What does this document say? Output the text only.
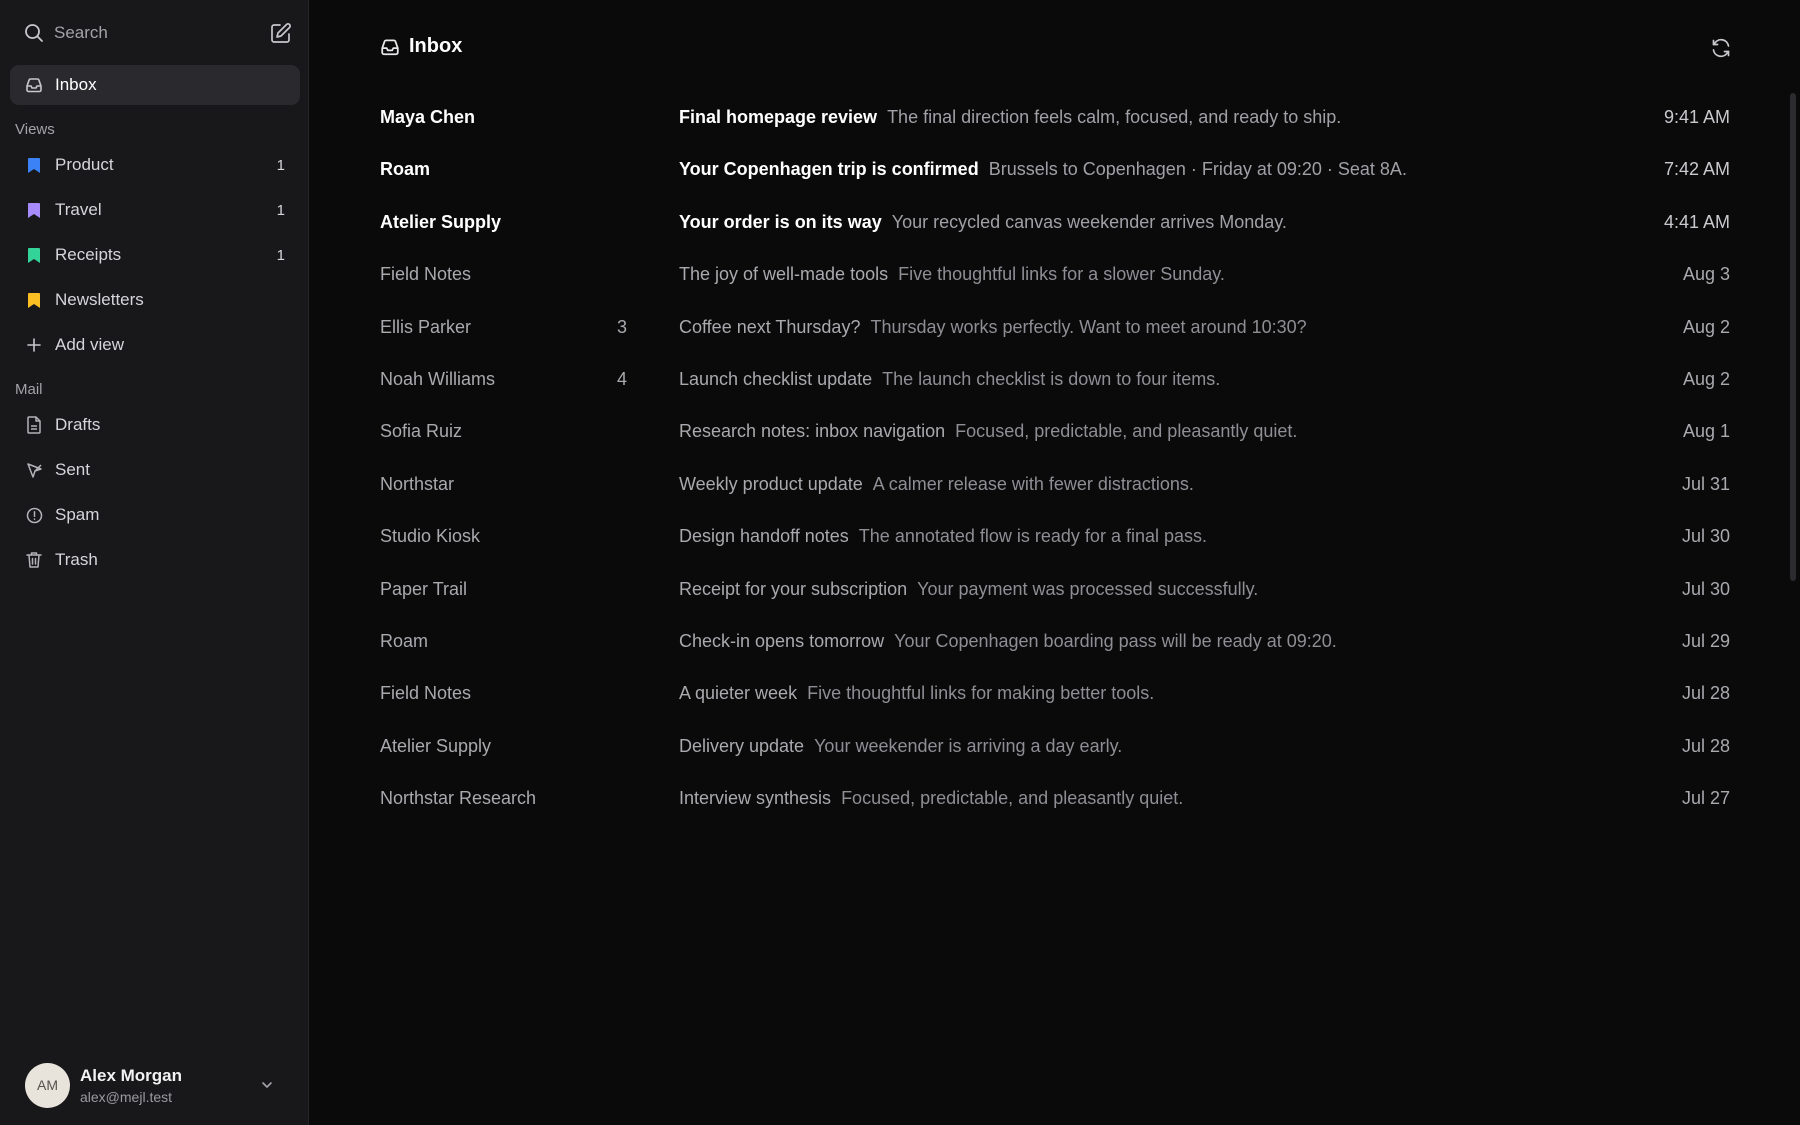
Search
Inbox
Views
Product	1
Travel	1
Receipts	1
Newsletters
Add view
Mail
Drafts
Sent
Spam
Trash
AM
Alex Morgan
alex@mejl.test
Inbox
Maya Chen	Final homepage review The final direction feels calm, focused, and ready to ship.	9:41 AM
Roam	Your Copenhagen trip is confirmed Brussels to Copenhagen · Friday at 09:20 · Seat 8A.	7:42 AM
Atelier Supply	Your order is on its way Your recycled canvas weekender arrives Monday.	4:41 AM
Field Notes	The joy of well-made tools Five thoughtful links for a slower Sunday.	Aug 3
Ellis Parker	3	Coffee next Thursday? Thursday works perfectly. Want to meet around 10:30?	Aug 2
Noah Williams	4	Launch checklist update The launch checklist is down to four items.	Aug 2
Sofia Ruiz	Research notes: inbox navigation Focused, predictable, and pleasantly quiet.	Aug 1
Northstar	Weekly product update A calmer release with fewer distractions.	Jul 31
Studio Kiosk	Design handoff notes The annotated flow is ready for a final pass.	Jul 30
Paper Trail	Receipt for your subscription Your payment was processed successfully.	Jul 30
Roam	Check-in opens tomorrow Your Copenhagen boarding pass will be ready at 09:20.	Jul 29
Field Notes	A quieter week Five thoughtful links for making better tools.	Jul 28
Atelier Supply	Delivery update Your weekender is arriving a day early.	Jul 28
Northstar Research	Interview synthesis Focused, predictable, and pleasantly quiet.	Jul 27
